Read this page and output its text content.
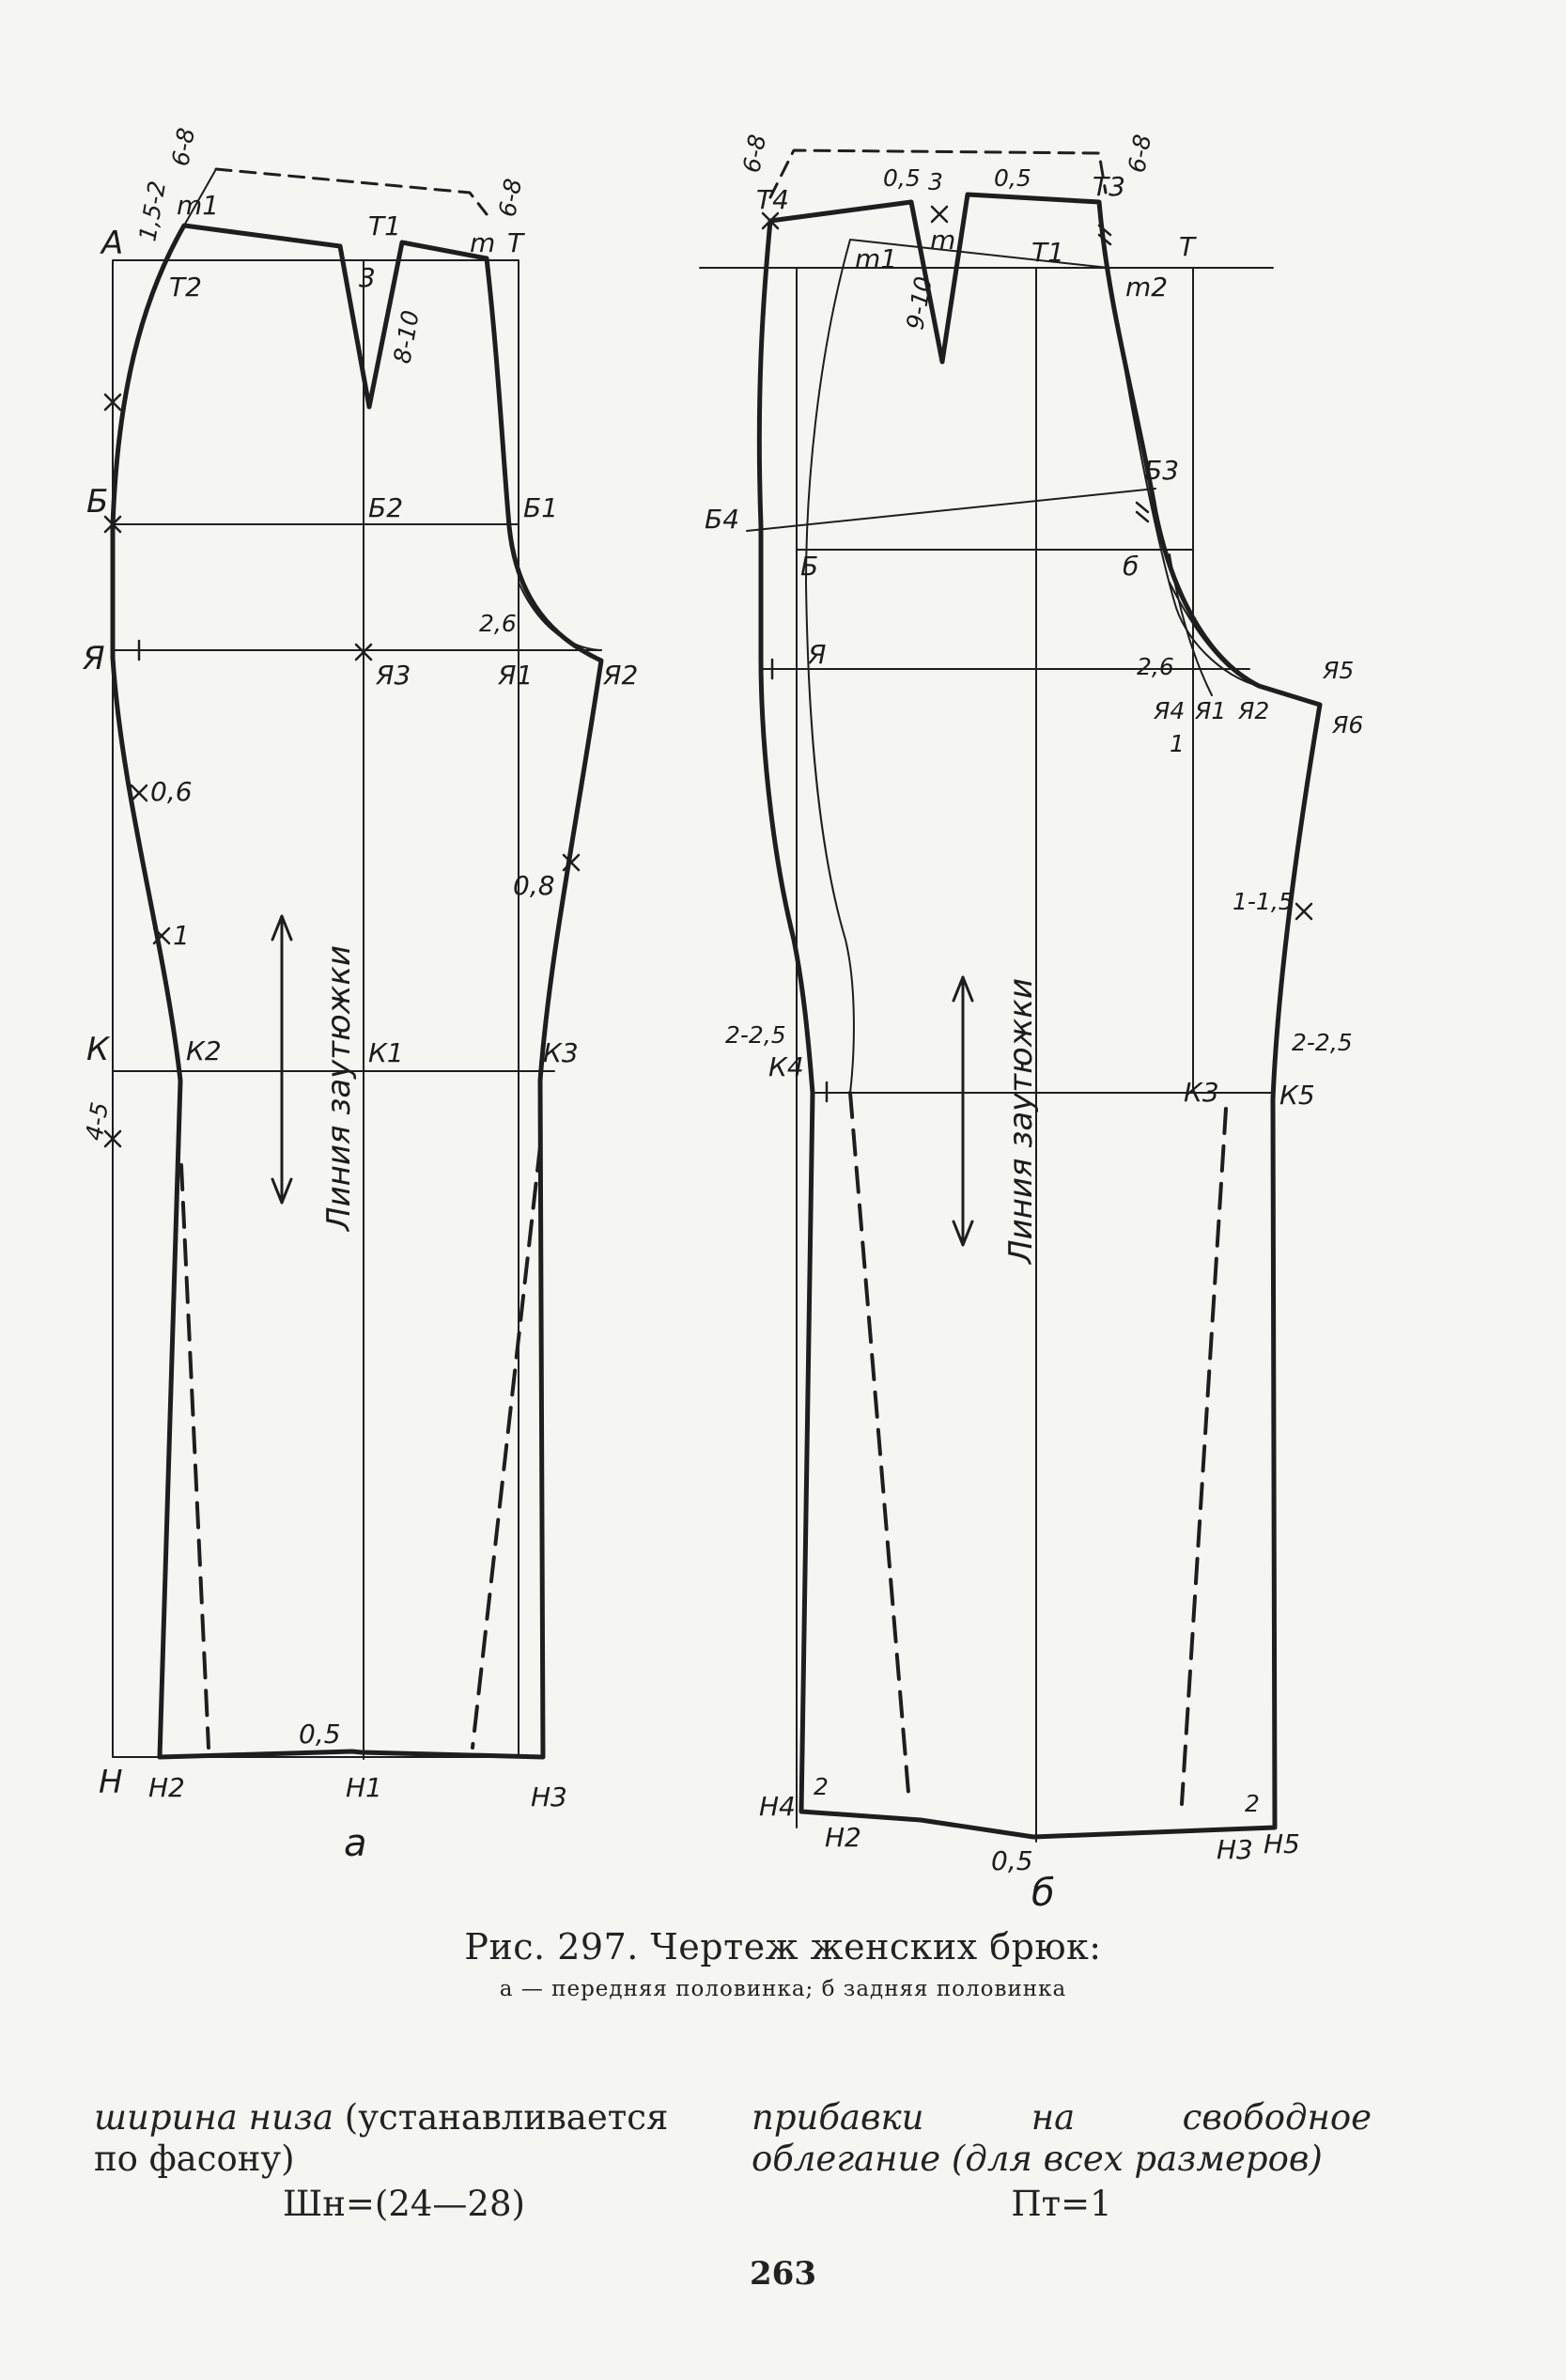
А
Б
Я
К
Н
m1
Т2
Т1
m Т
Б2	Б1
Я3	Я1	Я2
К1
К2	К3
Н1
Н2	Н3
1,5-2
6-8
6-8
3
8-10
2,6
0,6
1
0,8
4-5
0,5
Линия заутюжки
а
Т4	Т3
m1
m	Т1	Т
m2
Б3
Б4
Б	б
Я
Я4 Я1 Я2
Я5
Я6
К3
К4
К5
Н2	Н3
Н4
Н5
6-8	6-8
0,5 3 0,5
9-10
2,6
1
1-1,5
2-2,5	2-2,5
2
2
0,5
Линия заутюжки
б
Рис. 297. Чертеж женских брюк:
а — передняя половинка; б задняя половинка
ширина низа (устанавливается по фасону)
Шн=(24—28)
прибавки на свободное облегание (для всех размеров)
Пт=1
263
